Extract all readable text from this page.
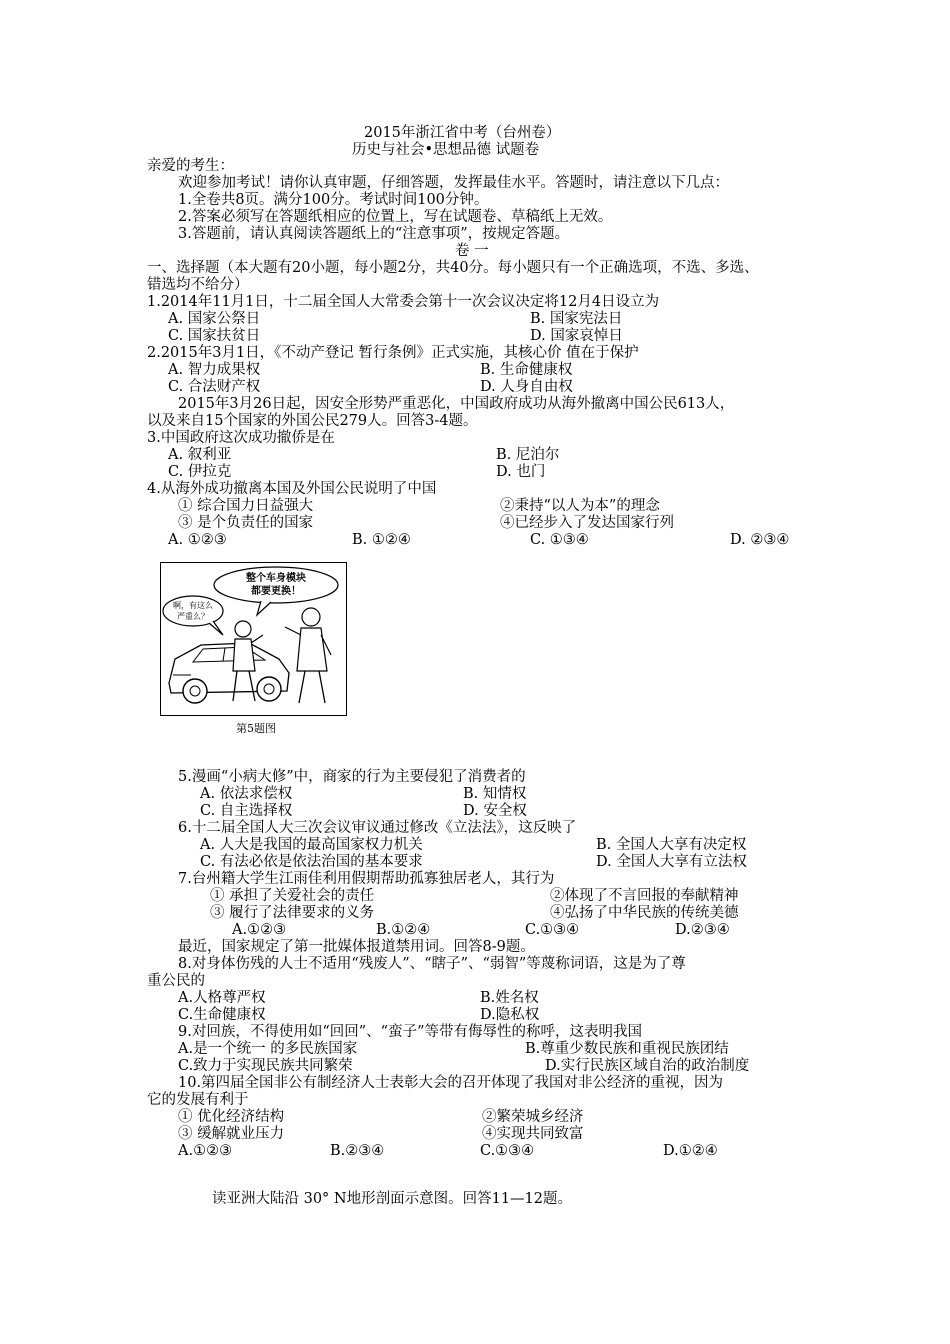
2015年浙江省中考（台州卷）
历史与社会•思想品德 试题卷
亲爱的考生：
欢迎参加考试！请你认真审题，仔细答题，发挥最佳水平。答题时，请注意以下几点：
1.全卷共8页。满分100分。考试时间100分钟。
2.答案必须写在答题纸相应的位置上，写在试题卷、草稿纸上无效。
3.答题前，请认真阅读答题纸上的“注意事项”，按规定答题。
卷 一
一、选择题（本大题有20小题，每小题2分，共40分。每小题只有一个正确选项，不选、多选、
错选均不给分）
1.2014年11月1日，十二届全国人大常委会第十一次会议决定将12月4日设立为
A. 国家公祭日	B. 国家宪法日
C. 国家扶贫日	D. 国家哀悼日
2.2015年3月1日，《不动产登记 暂行条例》正式实施，其核心价 值在于保护
A. 智力成果权	B. 生命健康权
C. 合法财产权	D. 人身自由权
2015年3月26日起，因安全形势严重恶化，中国政府成功从海外撤离中国公民613人，
以及来自15个国家的外国公民279人。回答3-4题。
3.中国政府这次成功撤侨是在
A. 叙利亚	B. 尼泊尔
C. 伊拉克	D. 也门
4.从海外成功撤离本国及外国公民说明了中国
① 综合国力日益强大	②秉持“以人为本”的理念
③ 是个负责任的国家	④已经步入了发达国家行列
A. ①②③	B. ①②④	C. ①③④	D. ②③④
整个车身模块
都要更换！
啊，有这么
严重么？
第5题图
5.漫画“小病大修”中，商家的行为主要侵犯了消费者的
A. 依法求偿权	B. 知情权
C. 自主选择权	D. 安全权
6.十二届全国人大三次会议审议通过修改《立法法》，这反映了
A. 人大是我国的最高国家权力机关	B. 全国人大享有决定权
C. 有法必依是依法治国的基本要求	D. 全国人大享有立法权
7.台州籍大学生江雨佳利用假期帮助孤寡独居老人，其行为
① 承担了关爱社会的责任	②体现了不言回报的奉献精神
③ 履行了法律要求的义务	④弘扬了中华民族的传统美德
A.①②③	B.①②④	C.①③④	D.②③④
最近，国家规定了第一批媒体报道禁用词。回答8-9题。
8.对身体伤残的人士不适用“残废人”、“瞎子”、“弱智”等蔑称词语，这是为了尊
重公民的
A.人格尊严权	B.姓名权
C.生命健康权	D.隐私权
9.对回族，不得使用如“回回”、“蛮子”等带有侮辱性的称呼，这表明我国
A.是一个统一 的多民族国家	B.尊重少数民族和重视民族团结
C.致力于实现民族共同繁荣	D.实行民族区域自治的政治制度
10.第四届全国非公有制经济人士表彰大会的召开体现了我国对非公经济的重视，因为
它的发展有利于
① 优化经济结构	②繁荣城乡经济
③ 缓解就业压力	④实现共同致富
A.①②③	B.②③④	C.①③④	D.①②④
读亚洲大陆沿 30° N地形剖面示意图。回答11—12题。
